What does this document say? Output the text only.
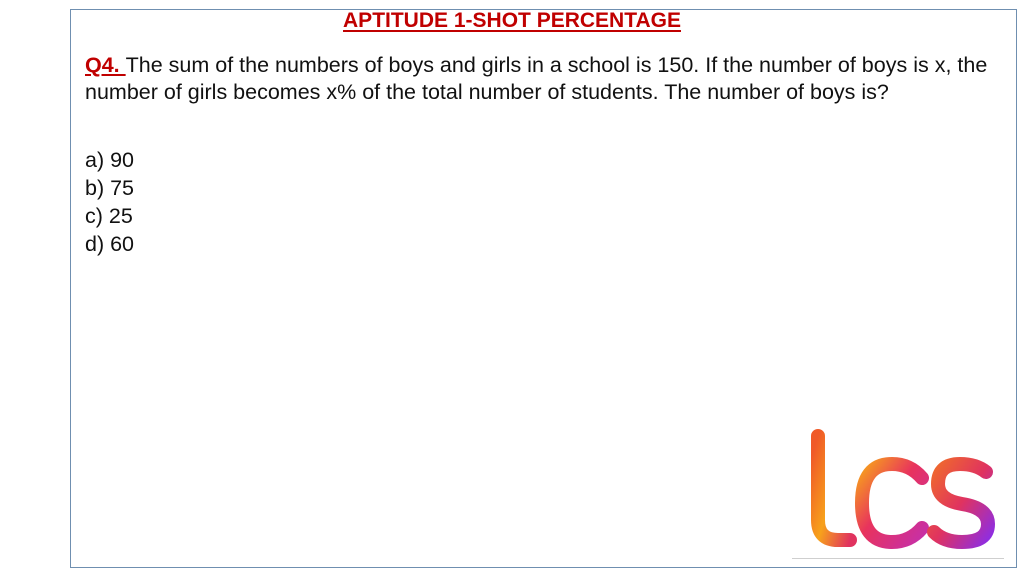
APTITUDE 1-SHOT PERCENTAGE
Q4. The sum of the numbers of boys and girls in a school is 150. If the number of boys is x, the number of girls becomes x% of the total number of students. The number of boys is?
a) 90
b) 75
c) 25
d) 60
